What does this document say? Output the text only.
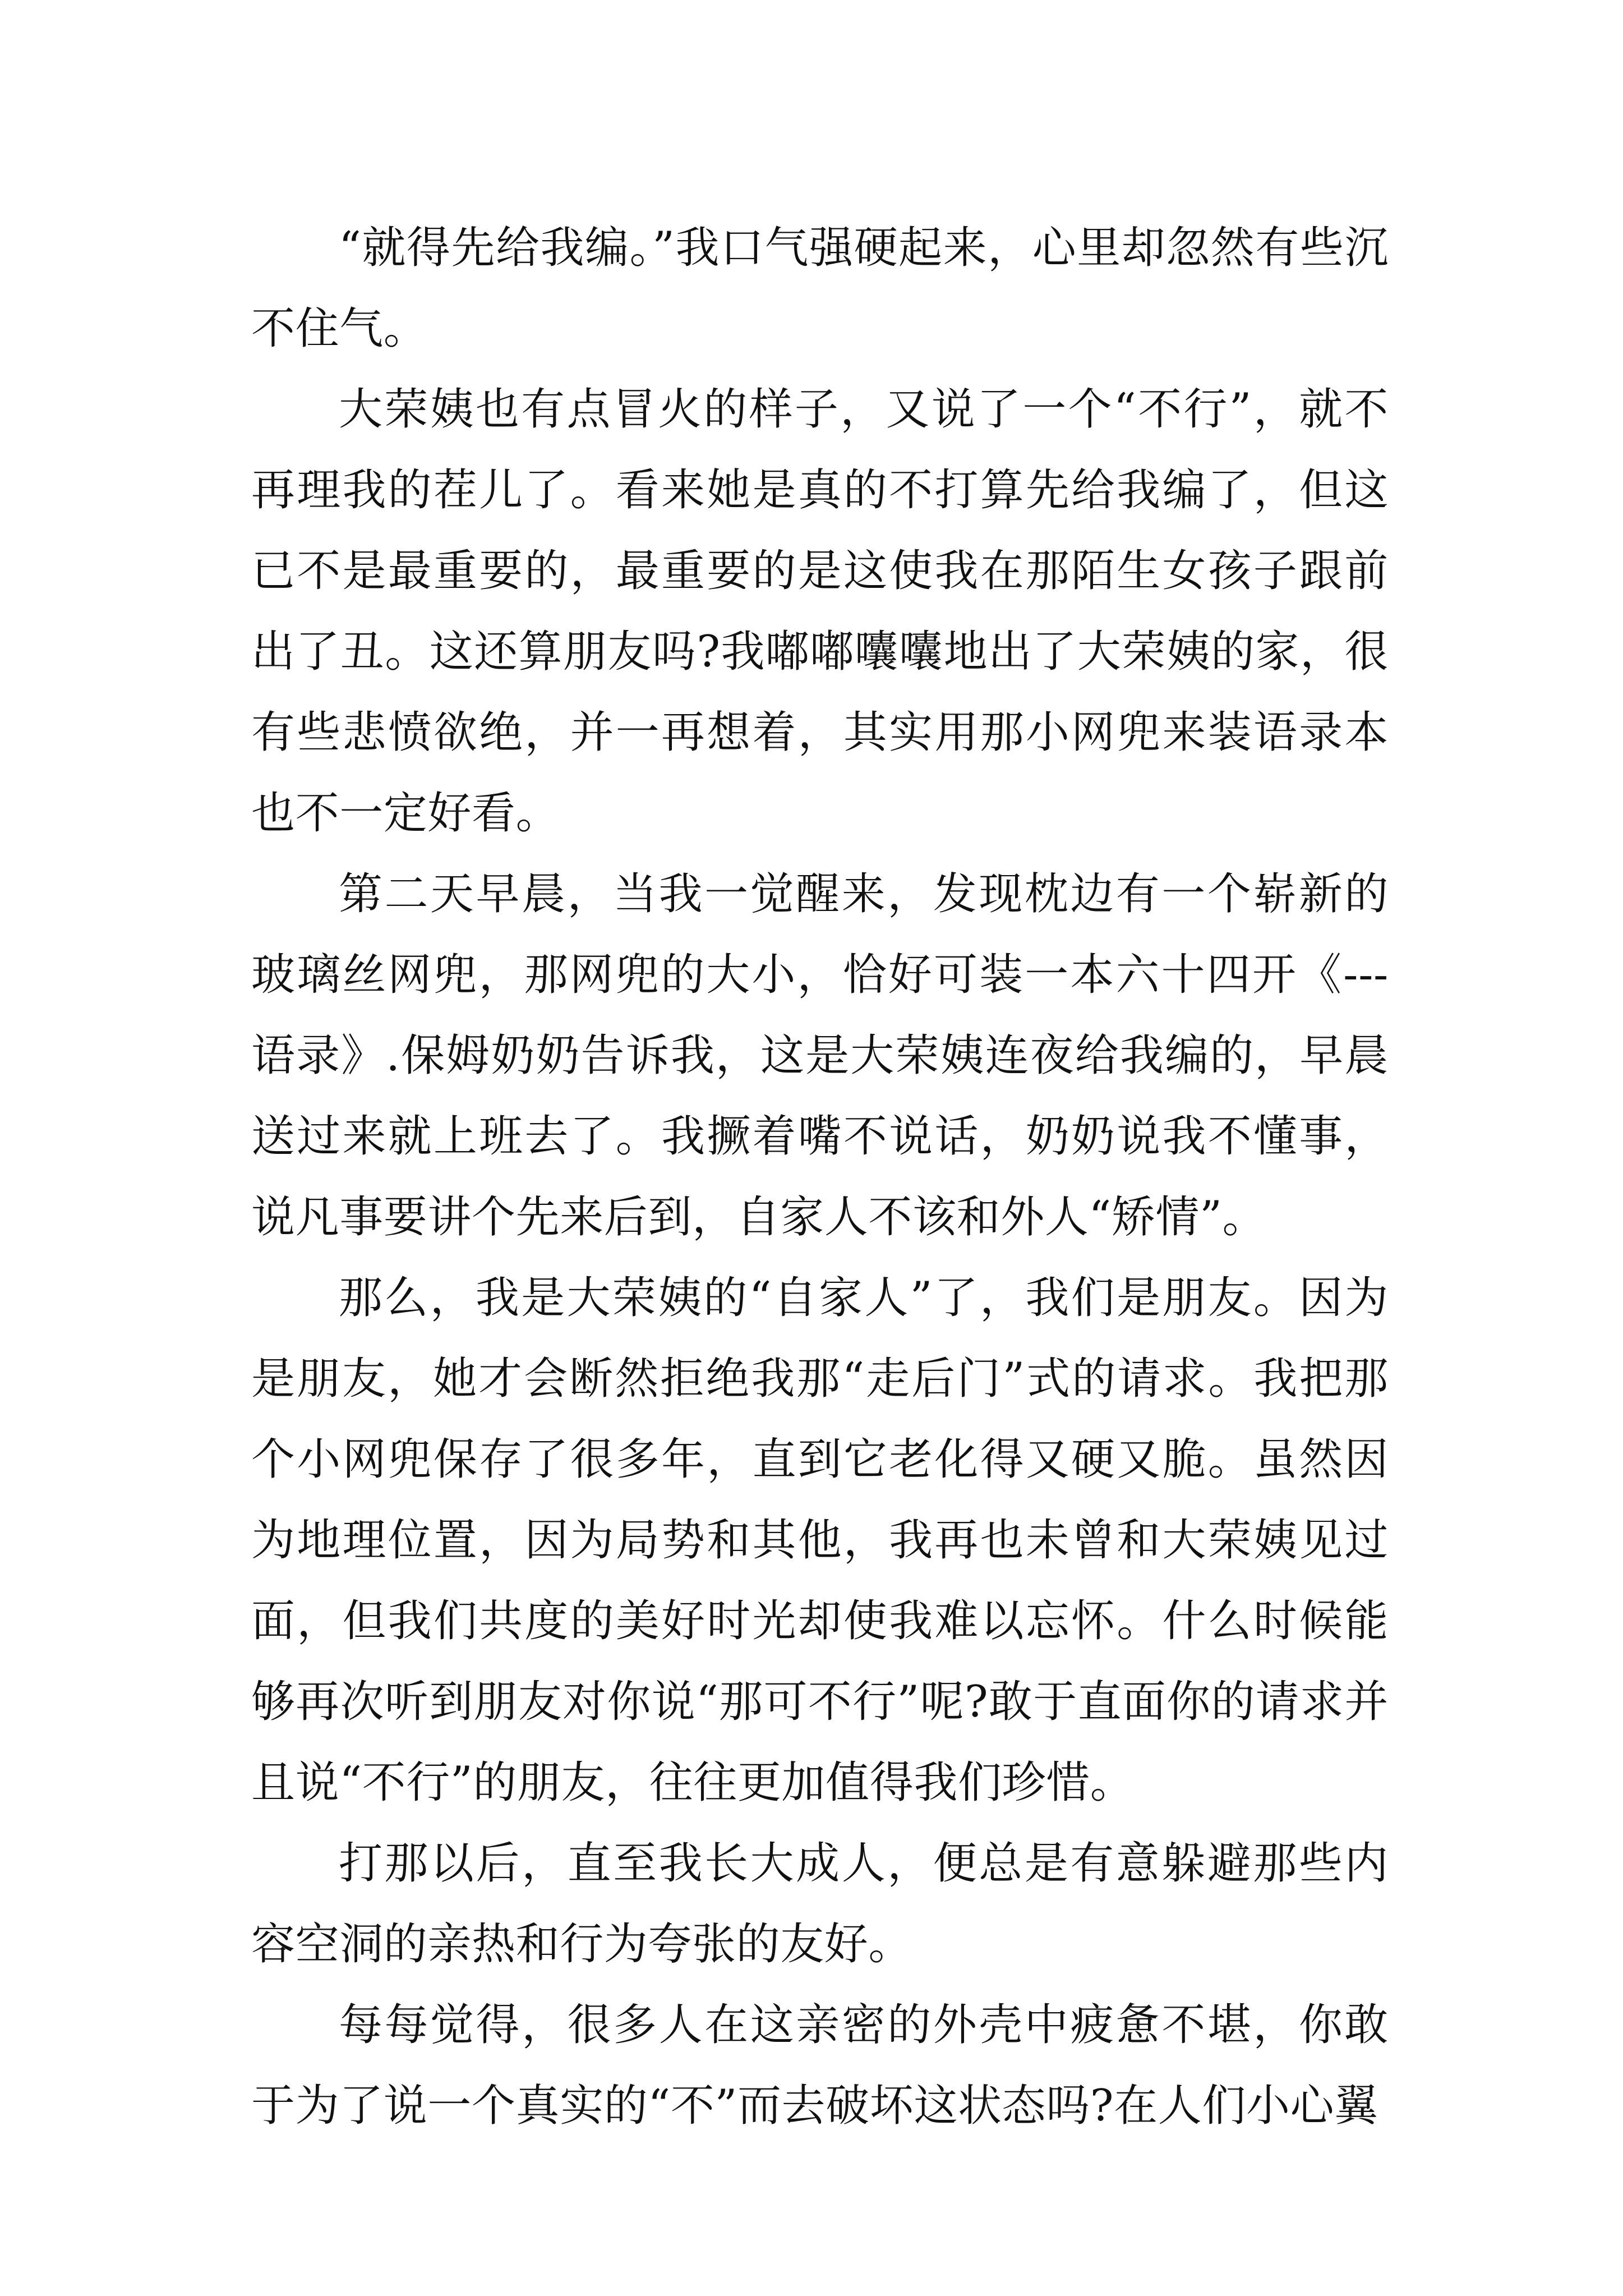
“就得先给我编。”我口气强硬起来，心里却忽然有些沉不住气。

大荣姨也有点冒火的样子，又说了一个“不行”，就不再理我的茬儿了。看来她是真的不打算先给我编了，但这已不是最重要的，最重要的是这使我在那陌生女孩子跟前出了丑。这还算朋友吗?我嘟嘟囔囔地出了大荣姨的家，很有些悲愤欲绝，并一再想着，其实用那小网兜来装语录本也不一定好看。

第二天早晨，当我一觉醒来，发现枕边有一个崭新的玻璃丝网兜，那网兜的大小，恰好可装一本六十四开《---语录》.保姆奶奶告诉我，这是大荣姨连夜给我编的，早晨送过来就上班去了。我撅着嘴不说话，奶奶说我不懂事，说凡事要讲个先来后到，自家人不该和外人“矫情”。

那么，我是大荣姨的“自家人”了，我们是朋友。因为是朋友，她才会断然拒绝我那“走后门”式的请求。我把那个小网兜保存了很多年，直到它老化得又硬又脆。虽然因为地理位置，因为局势和其他，我再也未曾和大荣姨见过面，但我们共度的美好时光却使我难以忘怀。什么时候能够再次听到朋友对你说“那可不行”呢?敢于直面你的请求并且说“不行”的朋友，往往更加值得我们珍惜。

打那以后，直至我长大成人，便总是有意躲避那些内容空洞的亲热和行为夸张的友好。

每每觉得，很多人在这亲密的外壳中疲惫不堪，你敢于为了说一个真实的“不”而去破坏这状态吗?在人们小心翼
